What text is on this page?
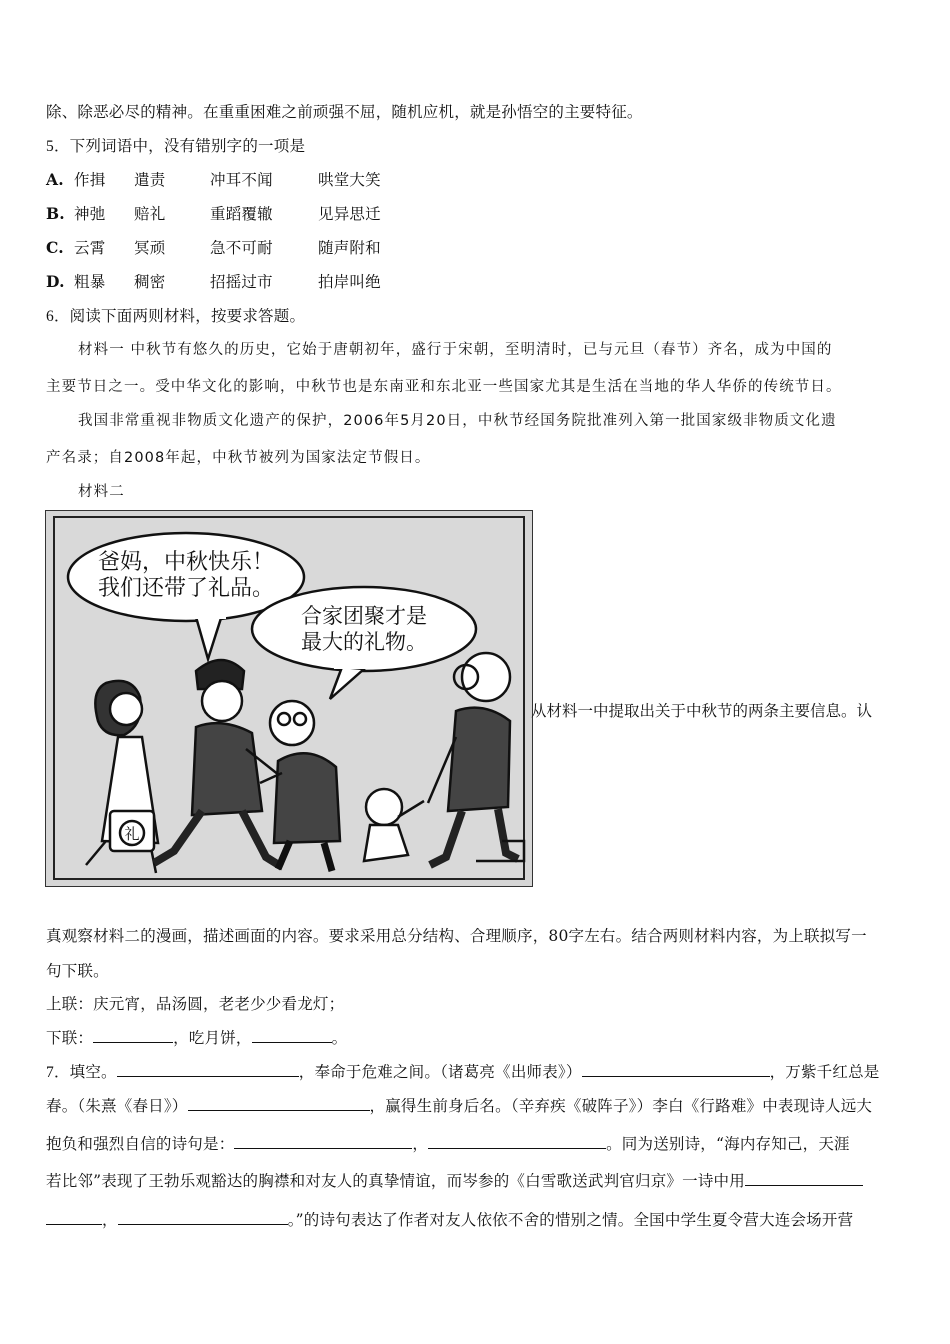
除、除恶必尽的精神。在重重困难之前顽强不屈，随机应机，就是孙悟空的主要特征。
5．下列词语中，没有错别字的一项是
A. 作揖 遣责	冲耳不闻	哄堂大笑
B. 神弛 赔礼	重蹈覆辙	见异思迁
C. 云霄 冥顽	急不可耐	随声附和
D. 粗暴 稠密	招摇过市	拍岸叫绝
6．阅读下面两则材料，按要求答题。
材料一 中秋节有悠久的历史，它始于唐朝初年，盛行于宋朝，至明清时，已与元旦（春节）齐名，成为中国的
主要节日之一。受中华文化的影响，中秋节也是东南亚和东北亚一些国家尤其是生活在当地的华人华侨的传统节日。
我国非常重视非物质文化遗产的保护，2006年5月20日，中秋节经国务院批准列入第一批国家级非物质文化遗
产名录；自2008年起，中秋节被列为国家法定节假日。
材料二
爸妈，中秋快乐！
我们还带了礼品。
合家团聚才是
最大的礼物。
礼
从材料一中提取出关于中秋节的两条主要信息。认
真观察材料二的漫画，描述画面的内容。要求采用总分结构、合理顺序，80字左右。结合两则材料内容，为上联拟写一
句下联。
上联：庆元宵，品汤圆，老老少少看龙灯；
下联：	，吃月饼，	。
7．填空。	，奉命于危难之间。（诸葛亮《出师表》）	，万紫千红总是
春。（朱熹《春日》）	，赢得生前身后名。（辛弃疾《破阵子》）李白《行路难》中表现诗人远大
抱负和强烈自信的诗句是：	，	。同为送别诗，“海内存知己，天涯
若比邻”表现了王勃乐观豁达的胸襟和对友人的真挚情谊，而岑参的《白雪歌送武判官归京》一诗中用
，	。”的诗句表达了作者对友人依依不舍的惜别之情。全国中学生夏令营大连会场开营
